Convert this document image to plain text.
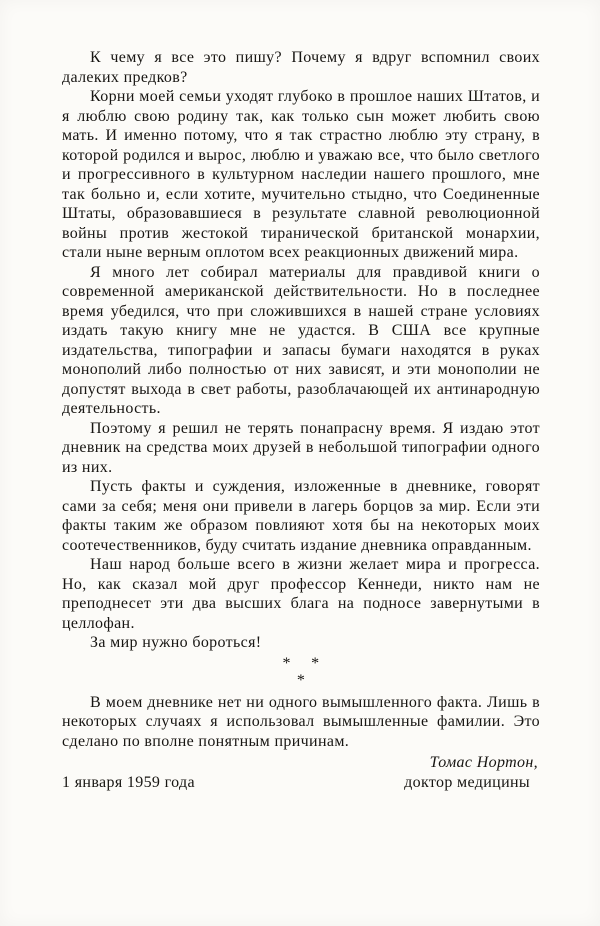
К чему я все это пишу? Почему я вдруг вспомнил своих далеких предков?

Корни моей семьи уходят глубоко в прошлое наших Штатов, и я люблю свою родину так, как только сын может любить свою мать. И именно потому, что я так страстно люблю эту страну, в которой родился и вырос, люблю и уважаю все, что было светлого и прогрессивного в культурном наследии нашего прошлого, мне так больно и, если хотите, мучительно стыдно, что Соединенные Штаты, образовавшиеся в результате славной революционной войны против жестокой тиранической британской монархии, стали ныне верным оплотом всех реакционных движений мира.

Я много лет собирал материалы для правдивой книги о современной американской действительности. Но в последнее время убедился, что при сложившихся в нашей стране условиях издать такую книгу мне не удастся. В США все крупные издательства, типографии и запасы бумаги находятся в руках монополий либо полностью от них зависят, и эти монополии не допустят выхода в свет работы, разоблачающей их антинародную деятельность.

Поэтому я решил не терять понапрасну время. Я издаю этот дневник на средства моих друзей в небольшой типографии одного из них.

Пусть факты и суждения, изложенные в дневнике, говорят сами за себя; меня они привели в лагерь борцов за мир. Если эти факты таким же образом повлияют хотя бы на некоторых моих соотечественников, буду считать издание дневника оправданным.

Наш народ больше всего в жизни желает мира и прогресса. Но, как сказал мой друг профессор Кеннеди, никто нам не преподнесет эти два высших блага на подносе завернутыми в целлофан.

За мир нужно бороться!

* *
*

В моем дневнике нет ни одного вымышленного факта. Лишь в некоторых случаях я использовал вымышленные фамилии. Это сделано по вполне понятным причинам.

Томас Нортон,
1 января 1959 года	доктор медицины
